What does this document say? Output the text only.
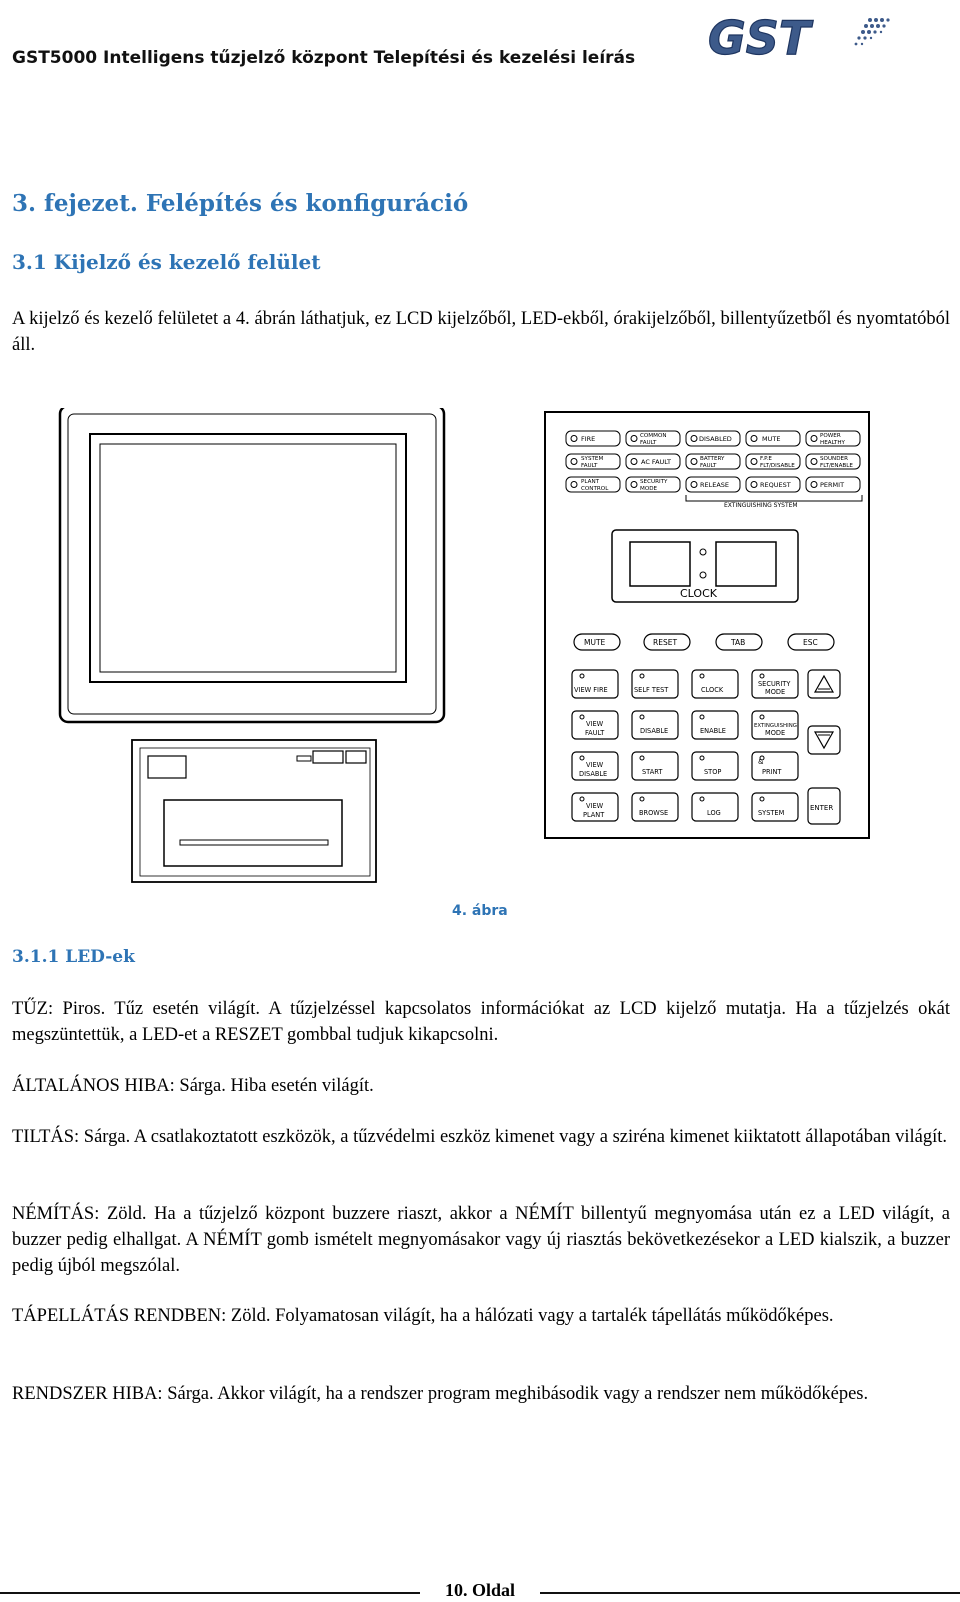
GST5000 Intelligens tűzjelző központ Telepítési és kezelési leírás GST
3. fejezet. Felépítés és konfiguráció
3.1 Kijelző és kezelő felület

A kijelző és kezelő felületet a 4. ábrán láthatjuk, ez LCD kijelzőből, LED-ekből, órakijelzőből, billentyűzetből és nyomtatóból áll.

FIRE	COMMON
FAULT	DISABLED	MUTE	POWER
HEALTHY
SYSTEM
FAULT	AC FAULT	BATTERY
FAULT
F.P.E
FLT/DISABLE
SOUNDER
FLT/ENABLE
PLANT
CONTROL
SECURITY
MODE	RELEASE	REQUEST	PERMIT
EXTINGUISHING SYSTEM
CLOCK
MUTE	RESET	TAB	ESC
VIEW FIRE	SELF TEST	CLOCK
SECURITY
MODE
VIEW
FAULT	DISABLE	ENABLE
EXTINGUISHING
MODE
VIEW
DISABLE	START	STOP
&
PRINT
VIEW
PLANT	BROWSE	LOG	SYSTEM
ENTER
4. ábra
3.1.1 LED-ek

TŰZ: Piros. Tűz esetén világít. A tűzjelzéssel kapcsolatos információkat az LCD kijelző mutatja. Ha a tűzjelzés okát megszüntettük, a LED-et a RESZET gombbal tudjuk kikapcsolni.

ÁLTALÁNOS HIBA: Sárga. Hiba esetén világít.

TILTÁS: Sárga. A csatlakoztatott eszközök, a tűzvédelmi eszköz kimenet vagy a sziréna kimenet kiiktatott állapotában világít.

NÉMÍTÁS: Zöld. Ha a tűzjelző központ buzzere riaszt, akkor a NÉMÍT billentyű megnyomása után ez a LED világít, a buzzer pedig elhallgat. A NÉMÍT gomb ismételt megnyomásakor vagy új riasztás bekövetkezésekor a LED kialszik, a buzzer pedig újból megszólal.

TÁPELLÁTÁS RENDBEN: Zöld. Folyamatosan világít, ha a hálózati vagy a tartalék tápellátás működőképes.

RENDSZER HIBA: Sárga. Akkor világít, ha a rendszer program meghibásodik vagy a rendszer nem működőképes.

10. Oldal
